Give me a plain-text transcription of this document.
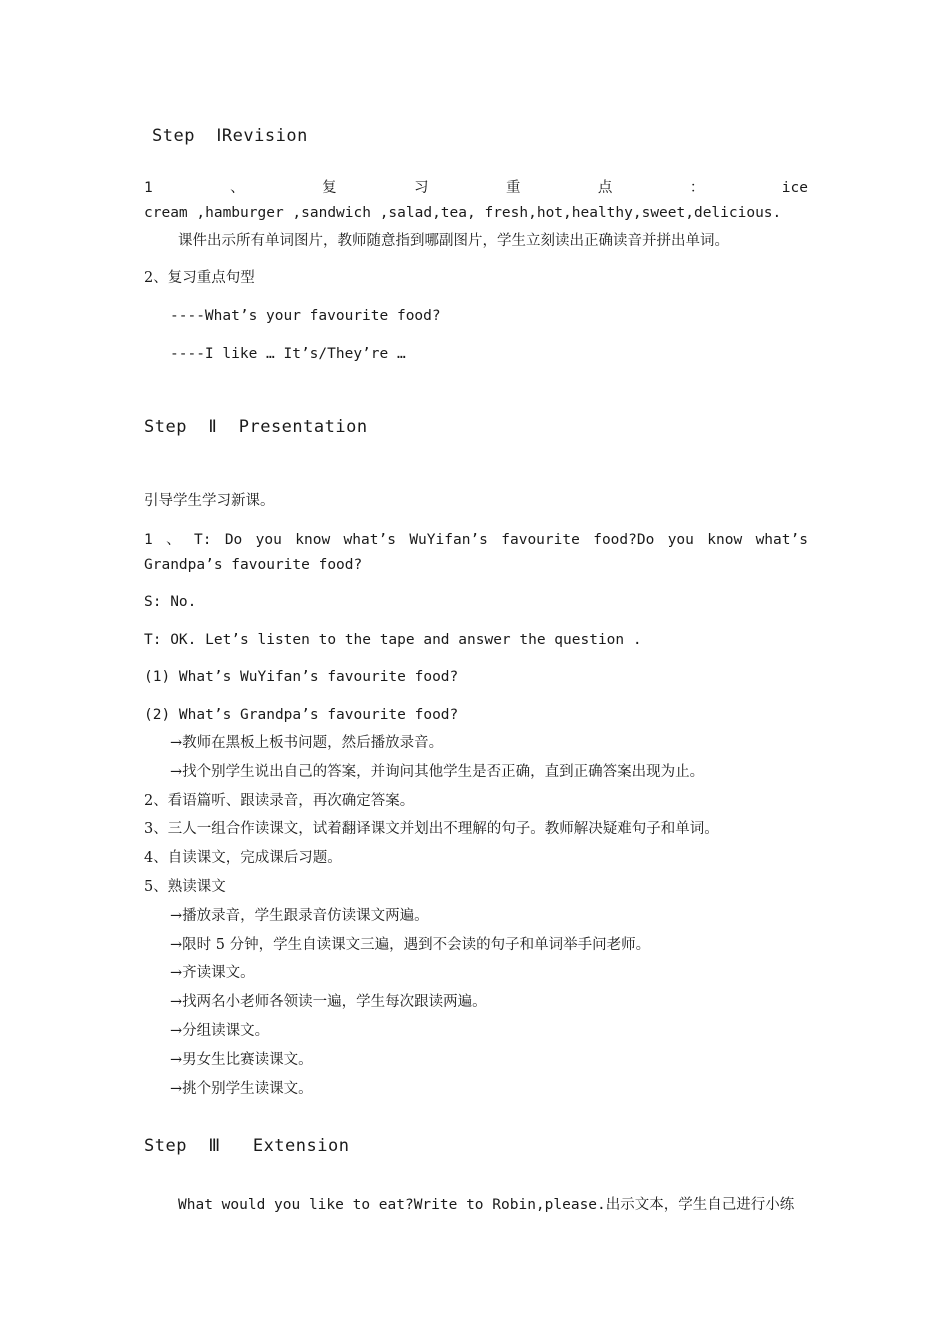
Step  ⅠRevision
1	、	复	习	重	点	：	ice
cream ,hamburger ,sandwich ,salad,tea, fresh,hot,healthy,sweet,delicious.
课件出示所有单词图片，教师随意指到哪副图片，学生立刻读出正确读音并拼出单词。
2、复习重点句型
----What’s your favourite food?
----I like … It’s/They’re …
Step  Ⅱ  Presentation
引导学生学习新课。
1 、 T: Do you know what’s WuYifan’s favourite food?Do you know what’s
Grandpa’s favourite food?
S: No.
T: OK. Let’s listen to the tape and answer the question .
(1) What’s WuYifan’s favourite food?
(2) What’s Grandpa’s favourite food?
→教师在黑板上板书问题，然后播放录音。
→找个别学生说出自己的答案，并询问其他学生是否正确，直到正确答案出现为止。
2、看语篇听、跟读录音，再次确定答案。
3、三人一组合作读课文，试着翻译课文并划出不理解的句子。教师解决疑难句子和单词。
4、自读课文，完成课后习题。
5、熟读课文
→播放录音，学生跟录音仿读课文两遍。
→限时 5 分钟，学生自读课文三遍，遇到不会读的句子和单词举手问老师。
→齐读课文。
→找两名小老师各领读一遍，学生每次跟读两遍。
→分组读课文。
→男女生比赛读课文。
→挑个别学生读课文。
Step  Ⅲ   Extension
What would you like to eat?Write to Robin,please.出示文本，学生自己进行小练
